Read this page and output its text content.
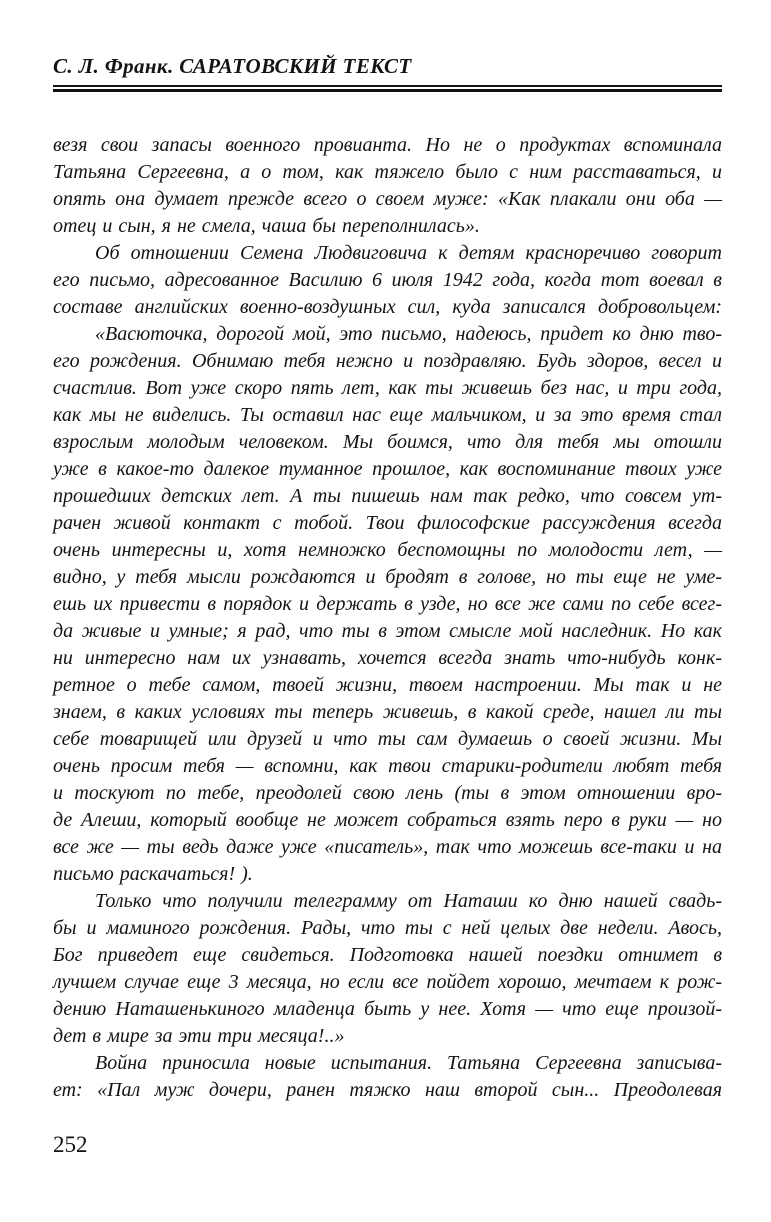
С. Л. Франк. САРАТОВСКИЙ ТЕКСТ
везя свои запасы военного провианта. Но не о продуктах вспоминала
Татьяна Сергеевна, а о том, как тяжело было с ним расставаться, и
опять она думает прежде всего о своем муже: «Как плакали они оба —
отец и сын, я не смела, чаша бы переполнилась».
Об отношении Семена Людвиговича к детям красноречиво говорит
его письмо, адресованное Василию 6 июля 1942 года, когда тот воевал в
составе английских военно-воздушных сил, куда записался добровольцем:
«Васюточка, дорогой мой, это письмо, надеюсь, придет ко дню тво-
его рождения. Обнимаю тебя нежно и поздравляю. Будь здоров, весел и
счастлив. Вот уже скоро пять лет, как ты живешь без нас, и три года,
как мы не виделись. Ты оставил нас еще мальчиком, и за это время стал
взрослым молодым человеком. Мы боимся, что для тебя мы отошли
уже в какое-то далекое туманное прошлое, как воспоминание твоих уже
прошедших детских лет. А ты пишешь нам так редко, что совсем ут-
рачен живой контакт с тобой. Твои философские рассуждения всегда
очень интересны и, хотя немножко беспомощны по молодости лет, —
видно, у тебя мысли рождаются и бродят в голове, но ты еще не уме-
ешь их привести в порядок и держать в узде, но все же сами по себе всег-
да живые и умные; я рад, что ты в этом смысле мой наследник. Но как
ни интересно нам их узнавать, хочется всегда знать что-нибудь конк-
ретное о тебе самом, твоей жизни, твоем настроении. Мы так и не
знаем, в каких условиях ты теперь живешь, в какой среде, нашел ли ты
себе товарищей или друзей и что ты сам думаешь о своей жизни. Мы
очень просим тебя — вспомни, как твои старики-родители любят тебя
и тоскуют по тебе, преодолей свою лень (ты в этом отношении вро-
де Алеши, который вообще не может собраться взять перо в руки — но
все же — ты ведь даже уже «писатель», так что можешь все-таки и на
письмо раскачаться! ).
Только что получили телеграмму от Наташи ко дню нашей свадь-
бы и маминого рождения. Рады, что ты с ней целых две недели. Авось,
Бог приведет еще свидеться. Подготовка нашей поездки отнимет в
лучшем случае еще 3 месяца, но если все пойдет хорошо, мечтаем к рож-
дению Наташенькиного младенца быть у нее. Хотя — что еще произой-
дет в мире за эти три месяца!..»
Война приносила новые испытания. Татьяна Сергеевна записыва-
ет: «Пал муж дочери, ранен тяжко наш второй сын... Преодолевая
252
